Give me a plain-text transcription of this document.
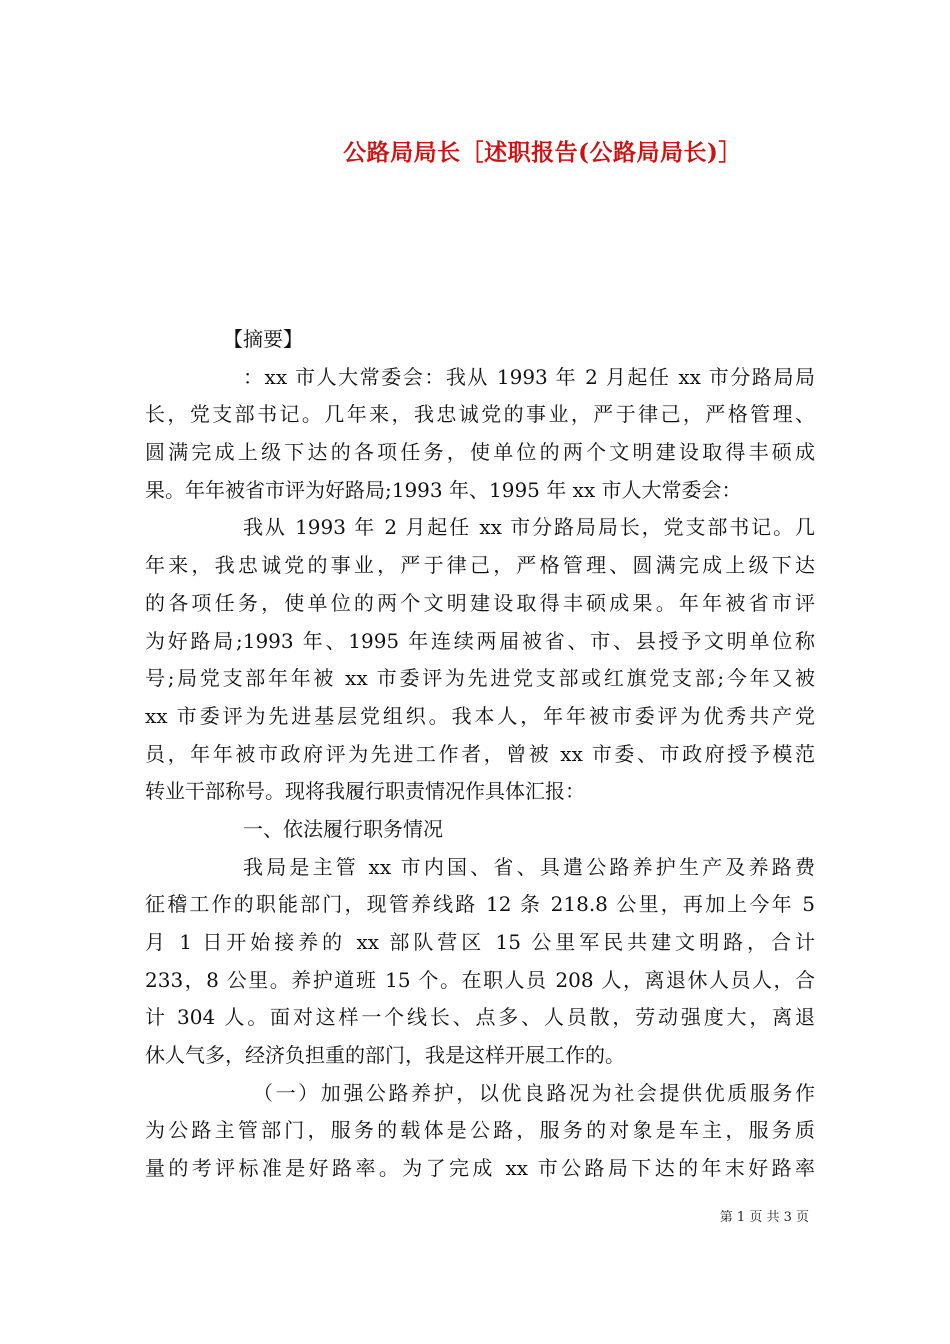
公路局局长［述职报告(公路局局长)］
【摘要】
：xx 市人大常委会：我从 1993 年 2 月起任 xx 市分路局局
长，党支部书记。几年来，我忠诚党的事业，严于律己，严格管理、
圆满完成上级下达的各项任务，使单位的两个文明建设取得丰硕成
果。年年被省市评为好路局;1993 年、1995 年 xx 市人大常委会：
我从 1993 年 2 月起任 xx 市分路局局长，党支部书记。几
年来，我忠诚党的事业，严于律己，严格管理、圆满完成上级下达
的各项任务，使单位的两个文明建设取得丰硕成果。年年被省市评
为好路局;1993 年、1995 年连续两届被省、市、县授予文明单位称
号;局党支部年年被 xx 市委评为先进党支部或红旗党支部;今年又被
xx 市委评为先进基层党组织。我本人，年年被市委评为优秀共产党
员，年年被市政府评为先进工作者，曾被 xx 市委、市政府授予模范
转业干部称号。现将我履行职责情况作具体汇报：
一、依法履行职务情况
我局是主管 xx 市内国、省、具遣公路养护生产及养路费
征稽工作的职能部门，现管养线路 12 条 218.8 公里，再加上今年 5
月 1 日开始接养的 xx 部队营区 15 公里军民共建文明路，合计
233，8 公里。养护道班 15 个。在职人员 208 人，离退休人员人，合
计 304 人。面对这样一个线长、点多、人员散，劳动强度大，离退
休人气多，经济负担重的部门，我是这样开展工作的。
（一）加强公路养护，以优良路况为社会提供优质服务作
为公路主管部门，服务的载体是公路，服务的对象是车主，服务质
量的考评标准是好路率。为了完成 xx 市公路局下达的年末好路率
第 1 页 共 3 页
